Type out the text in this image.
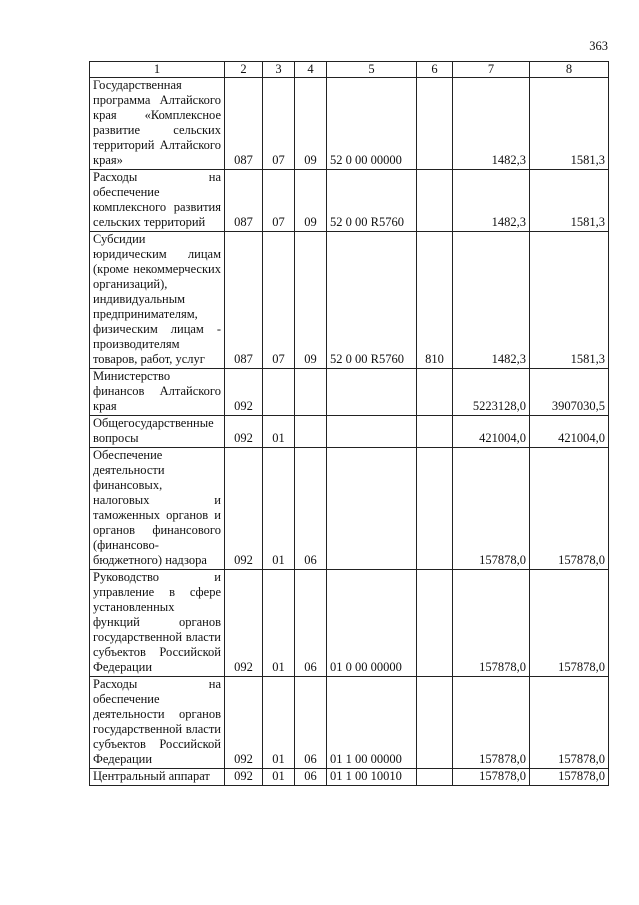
363
1	2	3	4	5	6	7	8
Государственная программа Алтайского края «Комплексное развитие сельских территорий Алтайского края»	087	07	09	52 0 00 00000		1482,3	1581,3
Расходы на обеспечение комплексного развития сельских территорий	087	07	09	52 0 00 R5760		1482,3	1581,3
Субсидии юридическим лицам (кроме некоммерческих организаций), индивидуальным предпринимателям, физическим лицам - производителям товаров, работ, услуг	087	07	09	52 0 00 R5760	810	1482,3	1581,3
Министерство финансов Алтайского края	092					5223128,0	3907030,5
Общегосударственные вопросы	092	01				421004,0	421004,0
Обеспечение деятельности финансовых, налоговых и таможенных органов и органов финансового (финансово-бюджетного) надзора	092	01	06			157878,0	157878,0
Руководство и управление в сфере установленных функций органов государственной власти субъектов Российской Федерации	092	01	06	01 0 00 00000		157878,0	157878,0
Расходы на обеспечение деятельности органов государственной власти субъектов Российской Федерации	092	01	06	01 1 00 00000		157878,0	157878,0
Центральный аппарат	092	01	06	01 1 00 10010		157878,0	157878,0
